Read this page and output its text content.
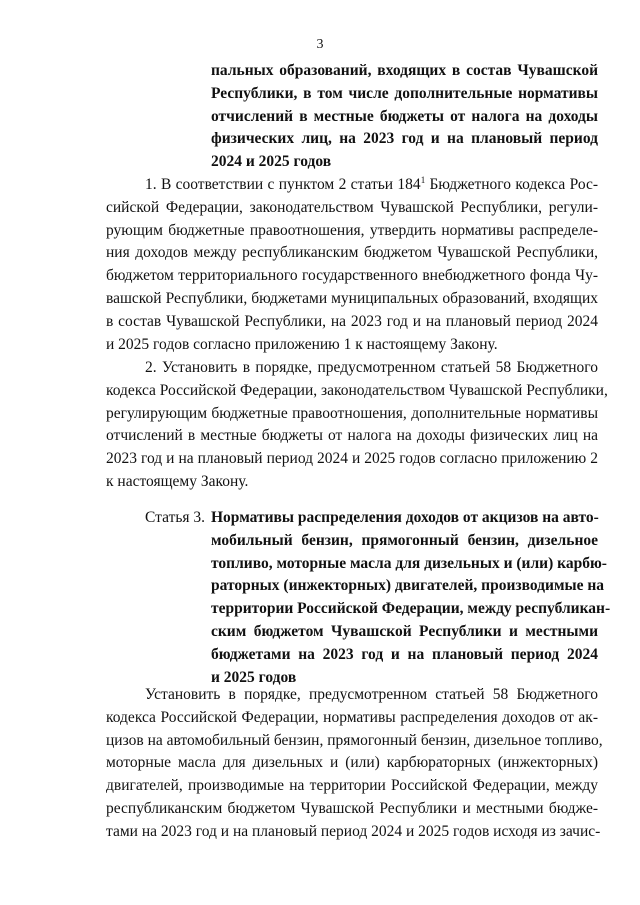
3
пальных образований, входящих в состав Чувашской
Республики, в том числе дополнительные нормативы
отчислений в местные бюджеты от налога на доходы
физических лиц, на 2023 год и на плановый период
2024 и 2025 годов
1. В соответствии с пунктом 2 статьи $184^1$ Бюджетного кодекса Рос-
сийской Федерации, законодательством Чувашской Республики, регули-
рующим бюджетные правоотношения, утвердить нормативы распределе-
ния доходов между республиканским бюджетом Чувашской Республики,
бюджетом территориального государственного внебюджетного фонда Чу-
вашской Республики, бюджетами муниципальных образований, входящих
в состав Чувашской Республики, на 2023 год и на плановый период 2024
и 2025 годов согласно приложению 1 к настоящему Закону.
2. Установить в порядке, предусмотренном статьей 58 Бюджетного
кодекса Российской Федерации, законодательством Чувашской Республики,
регулирующим бюджетные правоотношения, дополнительные нормативы
отчислений в местные бюджеты от налога на доходы физических лиц на
2023 год и на плановый период 2024 и 2025 годов согласно приложению 2
к настоящему Закону.
Статья 3. Нормативы распределения доходов от акцизов на авто-
мобильный бензин, прямогонный бензин, дизельное
топливо, моторные масла для дизельных и (или) карбю-
раторных (инжекторных) двигателей, производимые на
территории Российской Федерации, между республикан-
ским бюджетом Чувашской Республики и местными
бюджетами на 2023 год и на плановый период 2024
и 2025 годов
Установить в порядке, предусмотренном статьей 58 Бюджетного
кодекса Российской Федерации, нормативы распределения доходов от ак-
цизов на автомобильный бензин, прямогонный бензин, дизельное топливо,
моторные масла для дизельных и (или) карбюраторных (инжекторных)
двигателей, производимые на территории Российской Федерации, между
республиканским бюджетом Чувашской Республики и местными бюдже-
тами на 2023 год и на плановый период 2024 и 2025 годов исходя из зачис-
